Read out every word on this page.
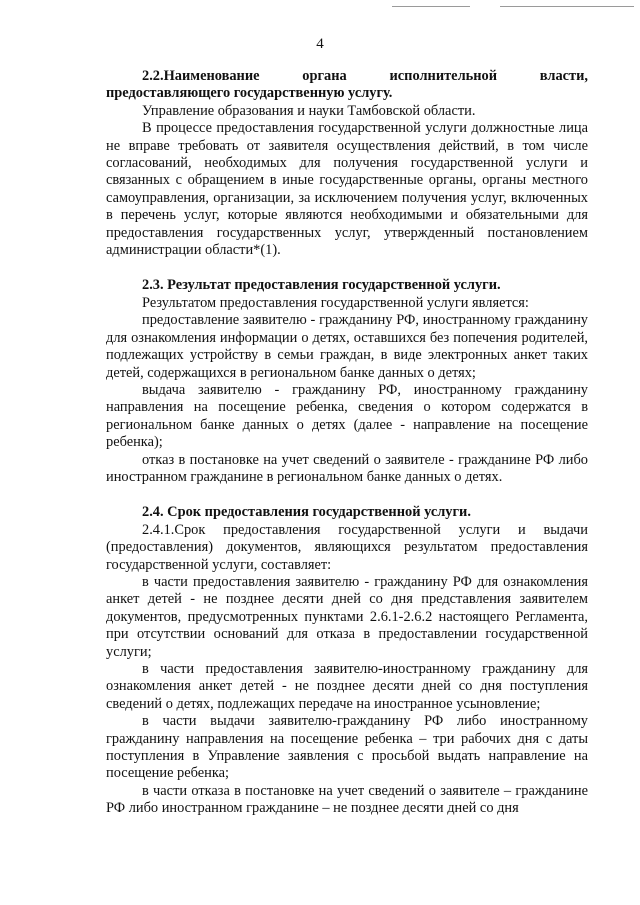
4
2.2.Наименование органа исполнительной власти,
предоставляющего государственную услугу.

Управление образования и науки Тамбовской области.

В процессе предоставления государственной услуги должностные лица не вправе требовать от заявителя осуществления действий, в том числе согласований, необходимых для получения государственной услуги и связанных с обращением в иные государственные органы, органы местного самоуправления, организации, за исключением получения услуг, включенных в перечень услуг, которые являются необходимыми и обязательными для предоставления государственных услуг, утвержденный постановлением администрации области*(1).

2.3. Результат предоставления государственной услуги.

Результатом предоставления государственной услуги является:

предоставление заявителю - гражданину РФ, иностранному гражданину для ознакомления информации о детях, оставшихся без попечения родителей, подлежащих устройству в семьи граждан, в виде электронных анкет таких детей, содержащихся в региональном банке данных о детях;

выдача заявителю - гражданину РФ, иностранному гражданину направления на посещение ребенка, сведения о котором содержатся в региональном банке данных о детях (далее - направление на посещение ребенка);

отказ в постановке на учет сведений о заявителе - гражданине РФ либо иностранном гражданине в региональном банке данных о детях.

2.4. Срок предоставления государственной услуги.

2.4.1.Срок предоставления государственной услуги и выдачи (предоставления) документов, являющихся результатом предоставления государственной услуги, составляет:

в части предоставления заявителю - гражданину РФ для ознакомления анкет детей - не позднее десяти дней со дня представления заявителем документов, предусмотренных пунктами 2.6.1-2.6.2 настоящего Регламента, при отсутствии оснований для отказа в предоставлении государственной услуги;

в части предоставления заявителю-иностранному гражданину для ознакомления анкет детей - не позднее десяти дней со дня поступления сведений о детях, подлежащих передаче на иностранное усыновление;

в части выдачи заявителю-гражданину РФ либо иностранному гражданину направления на посещение ребенка – три рабочих дня с даты поступления в Управление заявления с просьбой выдать направление на посещение ребенка;

в части отказа в постановке на учет сведений о заявителе – гражданине РФ либо иностранном гражданине – не позднее десяти дней со дня
